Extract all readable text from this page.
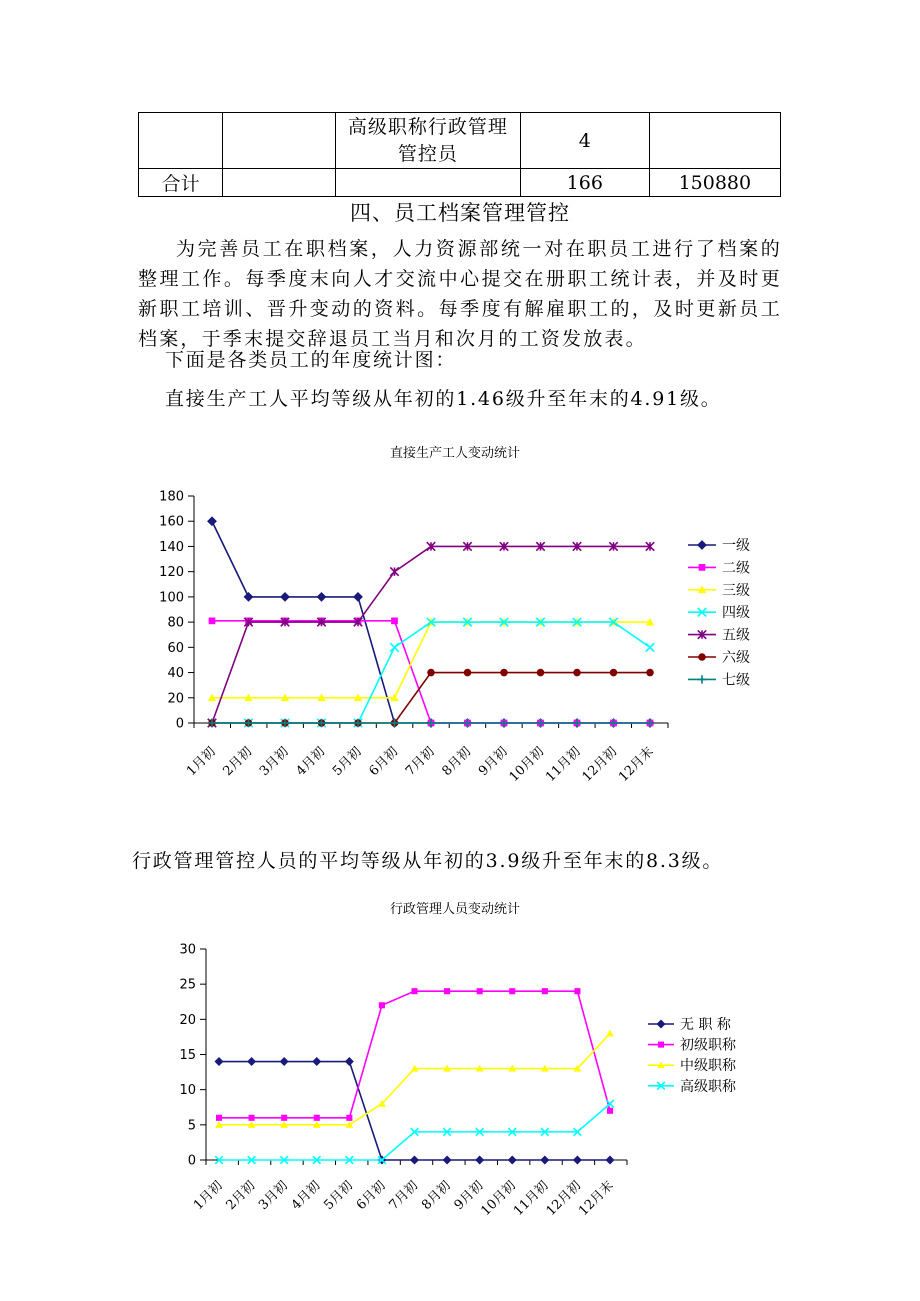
		高级职称行政管理管控员	4	
合计			166	150880
四、员工档案管理管控

为完善员工在职档案，人力资源部统一对在职员工进行了档案的整理工作。每季度末向人才交流中心提交在册职工统计表，并及时更新职工培训、晋升变动的资料。每季度有解雇职工的，及时更新员工档案，于季末提交辞退员工当月和次月的工资发放表。

下面是各类员工的年度统计图：

直接生产工人平均等级从年初的1.46级升至年末的4.91级。

行政管理管控人员的平均等级从年初的3.9级升至年末的8.3级。

直接生产工人变动统计
0
20
40
60
80
100
120
140
160
180
1月初 2月初 3月初 4月初 5月初 6月初 7月初 8月初 9月初
10月初
11月初
12月初
12月末
一级
二级
三级
四级
五级
六级
七级
行政管理人员变动统计
0
5
10
15
20
25
30
1月初
2月初
3月初
4月初
5月初
6月初
7月初
8月初
9月初
10月初
11月初
12月初
12月末
无 职 称
初级职称
中级职称
高级职称
